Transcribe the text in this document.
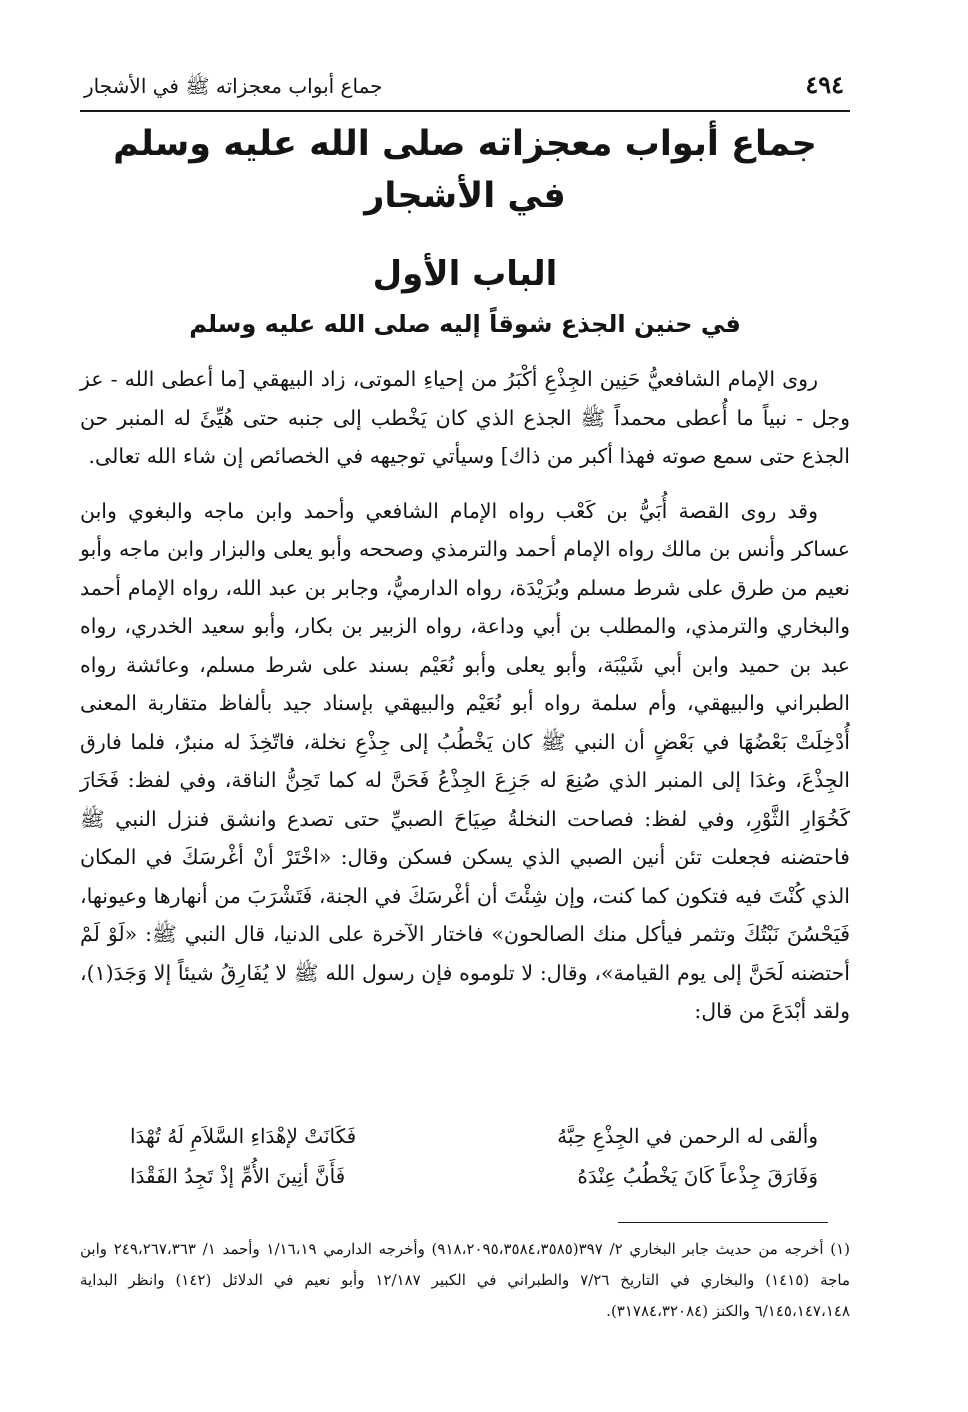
٤٩٤
جماع أبواب معجزاته ﷺ في الأشجار
جماع أبواب معجزاته صلى الله عليه وسلم
في الأشجار
الباب الأول
في حنين الجذع شوقاً إليه صلى الله عليه وسلم

روى الإمام الشافعيُّ حَنِين الجِذْعِ أكْبَرُ من إحياءِ الموتى، زاد البيهقي [ما أعطى الله - عز وجل - نبياً ما أُعطى محمداً ﷺ الجذع الذي كان يَخْطب إلى جنبه حتى هُيِّئَ له المنبر حن الجذع حتى سمع صوته فهذا أكبر من ذاك] وسيأتي توجيهه في الخصائص إن شاء الله تعالى.

وقد روى القصة أُبَيُّ بن كَعْب رواه الإمام الشافعي وأحمد وابن ماجه والبغوي وابن عساكر وأنس بن مالك رواه الإمام أحمد والترمذي وصححه وأبو يعلى والبزار وابن ماجه وأبو نعيم من طرق على شرط مسلم وبُرَيْدَة، رواه الدارميُّ، وجابر بن عبد الله، رواه الإمام أحمد والبخاري والترمذي، والمطلب بن أبي وداعة، رواه الزبير بن بكار، وأبو سعيد الخدري، رواه عبد بن حميد وابن أبي شَيْبَة، وأبو يعلى وأبو نُعَيْم بسند على شرط مسلم، وعائشة رواه الطبراني والبيهقي، وأم سلمة رواه أبو نُعَيْم والبيهقي بإسناد جيد بألفاظ متقاربة المعنى أُدْخِلَتْ بَعْضُهَا في بَعْضٍ أن النبي ﷺ كان يَخْطُبُ إلى جِذْعِ نخلة، فاتّخِذَ له منبرٌ، فلما فارق الجِذْعَ، وغدَا إلى المنبر الذي صُنِعَ له جَزِعَ الجِذْعُ فَحَنَّ له كما تَحِنُّ الناقة، وفي لفظ: فَخَارَ كَخُوَارِ الثَّوْرِ، وفي لفظ: فصاحت النخلةُ صِيَاحَ الصبيِّ حتى تصدع وانشق فنزل النبي ﷺ فاحتضنه فجعلت تئن أنين الصبي الذي يسكن فسكن وقال: «اخْتَرْ أنْ أغْرسَكَ في المكان الذي كُنْتَ فيه فتكون كما كنت، وإن شِئْتَ أن أغْرسَكَ في الجنة، فَتَشْرَبَ من أنهارها وعيونها، فَيَحْسُنَ نَبْتُكَ وتثمر فيأكل منك الصالحون» فاختار الآخرة على الدنيا، قال النبي ﷺ: «لَوْ لَمْ أحتضنه لَحَنَّ إلى يوم القيامة»، وقال: لا تلوموه فإن رسول الله ﷺ لا يُفَارِقُ شيئاً إلا وَجَدَ(١)، ولقد أبْدَعَ من قال:

وألقى له الرحمن في الجِذْعِ حِبَّهُ
فَكَانَتْ لإهْدَاءِ السَّلاَمِ لَهُ تُهْدَا
وَفَارَقَ جِذْعاً كَانَ يَخْطُبُ عِنْدَهُ
فَأَنَّ أنِينَ الأُمِّ إذْ تَجِدُ الفَقْدَا

(١) أخرجه من حديث جابر البخاري ٢/ ٣٩٧(٩١٨،٢٠٩٥،٣٥٨٤،٣٥٨٥) وأخرجه الدارمي ١/١٦،١٩ وأحمد ١/ ٢٤٩،٢٦٧،٣٦٣ وابن ماجة (١٤١٥) والبخاري في التاريخ ٧/٢٦ والطبراني في الكبير ١٢/١٨٧ وأبو نعيم في الدلائل (١٤٢) وانظر البداية ٦/١٤٥،١٤٧،١٤٨ والكنز (٣١٧٨٤،٣٢٠٨٤).
